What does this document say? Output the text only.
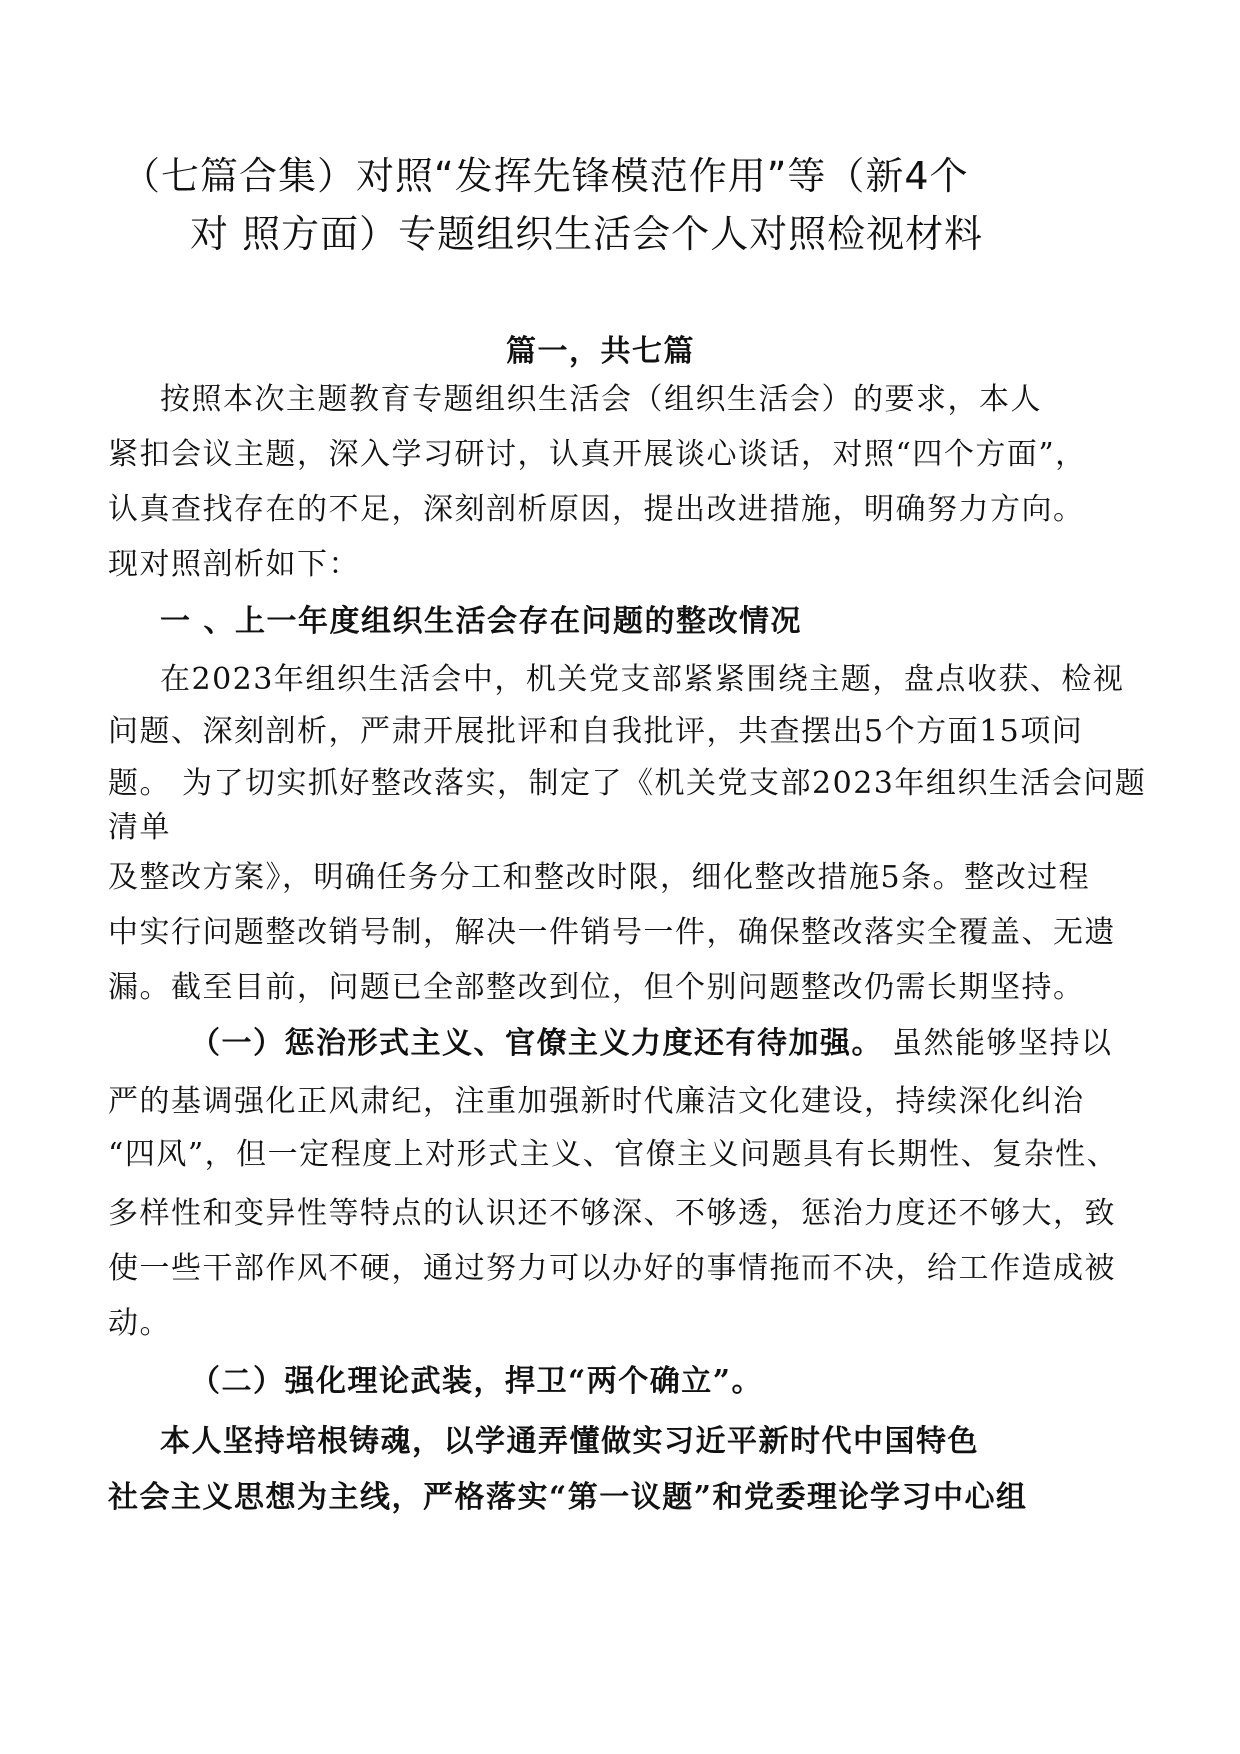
（七篇合集）对照“发挥先锋模范作用”等（新4个
对 照方面）专题组织生活会个人对照检视材料
篇一，共七篇
按照本次主题教育专题组织生活会（组织生活会）的要求，本人
紧扣会议主题，深入学习研讨，认真开展谈心谈话，对照“四个方面”，
认真查找存在的不足，深刻剖析原因，提出改进措施，明确努力方向。
现对照剖析如下：
一 、上一年度组织生活会存在问题的整改情况
在2023年组织生活会中，机关党支部紧紧围绕主题，盘点收获、检视
问题、深刻剖析，严肃开展批评和自我批评，共查摆出5个方面15项问
题。 为了切实抓好整改落实，制定了《机关党支部2023年组织生活会问题
清单
及整改方案》，明确任务分工和整改时限，细化整改措施5条。整改过程
中实行问题整改销号制，解决一件销号一件，确保整改落实全覆盖、无遗
漏。截至目前，问题已全部整改到位，但个别问题整改仍需长期坚持。
（一）惩治形式主义、官僚主义力度还有待加强。 虽然能够坚持以
严的基调强化正风肃纪，注重加强新时代廉洁文化建设，持续深化纠治
“四风”，但一定程度上对形式主义、官僚主义问题具有长期性、复杂性、
多样性和变异性等特点的认识还不够深、不够透，惩治力度还不够大，致
使一些干部作风不硬，通过努力可以办好的事情拖而不决，给工作造成被
动。
（二）强化理论武装，捍卫“两个确立”。
本人坚持培根铸魂，以学通弄懂做实习近平新时代中国特色
社会主义思想为主线，严格落实“第一议题”和党委理论学习中心组
